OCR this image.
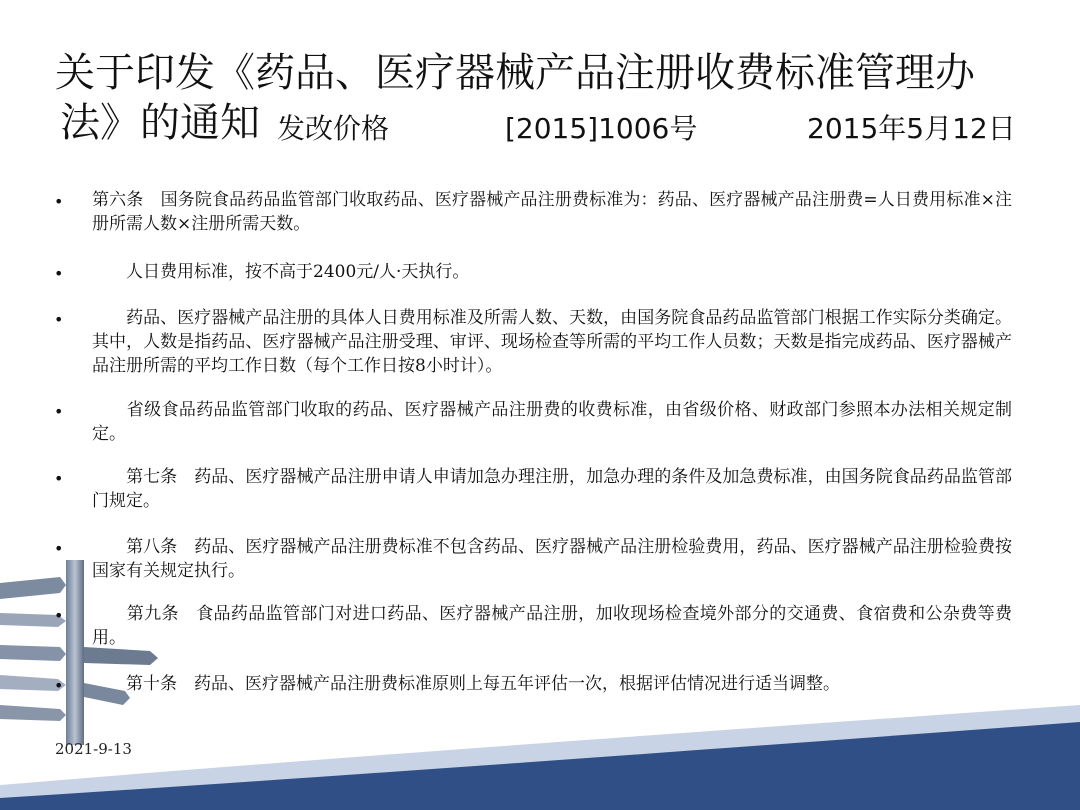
关于印发《药品、医疗器械产品注册收费标准管理办
法》的通知 发改价格	[2015]1006号	2015年5月12日
• 第六条　国务院食品药品监管部门收取药品、医疗器械产品注册费标准为：药品、医疗器械产品注册费=人日费用标准×注册所需人数×注册所需天数。
• 　　人日费用标准，按不高于2400元/人·天执行。
• 　　药品、医疗器械产品注册的具体人日费用标准及所需人数、天数，由国务院食品药品监管部门根据工作实际分类确定。其中，人数是指药品、医疗器械产品注册受理、审评、现场检查等所需的平均工作人员数；天数是指完成药品、医疗器械产品注册所需的平均工作日数（每个工作日按8小时计）。
• 　　省级食品药品监管部门收取的药品、医疗器械产品注册费的收费标准，由省级价格、财政部门参照本办法相关规定制定。
• 　　第七条　药品、医疗器械产品注册申请人申请加急办理注册，加急办理的条件及加急费标准，由国务院食品药品监管部门规定。
• 　　第八条　药品、医疗器械产品注册费标准不包含药品、医疗器械产品注册检验费用，药品、医疗器械产品注册检验费按国家有关规定执行。
• 　　第九条　食品药品监管部门对进口药品、医疗器械产品注册，加收现场检查境外部分的交通费、食宿费和公杂费等费用。
• 　　第十条　药品、医疗器械产品注册费标准原则上每五年评估一次，根据评估情况进行适当调整。
2021-9-13
